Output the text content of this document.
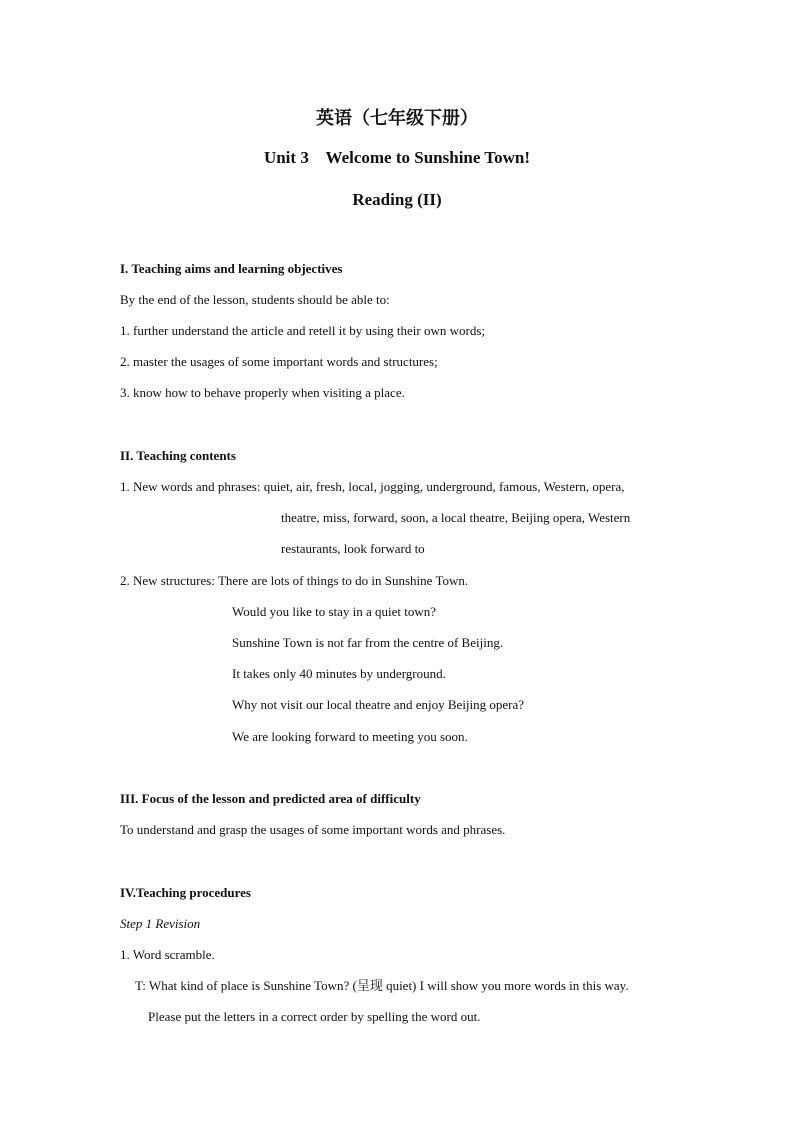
英语（七年级下册）
Unit 3    Welcome to Sunshine Town!
Reading (II)
I. Teaching aims and learning objectives
By the end of the lesson, students should be able to:
1. further understand the article and retell it by using their own words;
2. master the usages of some important words and structures;
3. know how to behave properly when visiting a place.
II. Teaching contents
1. New words and phrases: quiet, air, fresh, local, jogging, underground, famous, Western, opera,
theatre, miss, forward, soon, a local theatre, Beijing opera, Western
restaurants, look forward to
2. New structures: There are lots of things to do in Sunshine Town.
Would you like to stay in a quiet town?
Sunshine Town is not far from the centre of Beijing.
It takes only 40 minutes by underground.
Why not visit our local theatre and enjoy Beijing opera?
We are looking forward to meeting you soon.
III. Focus of the lesson and predicted area of difficulty
To understand and grasp the usages of some important words and phrases.
IV.Teaching procedures
Step 1 Revision
1. Word scramble.
T: What kind of place is Sunshine Town? (呈现 quiet) I will show you more words in this way.
Please put the letters in a correct order by spelling the word out.
